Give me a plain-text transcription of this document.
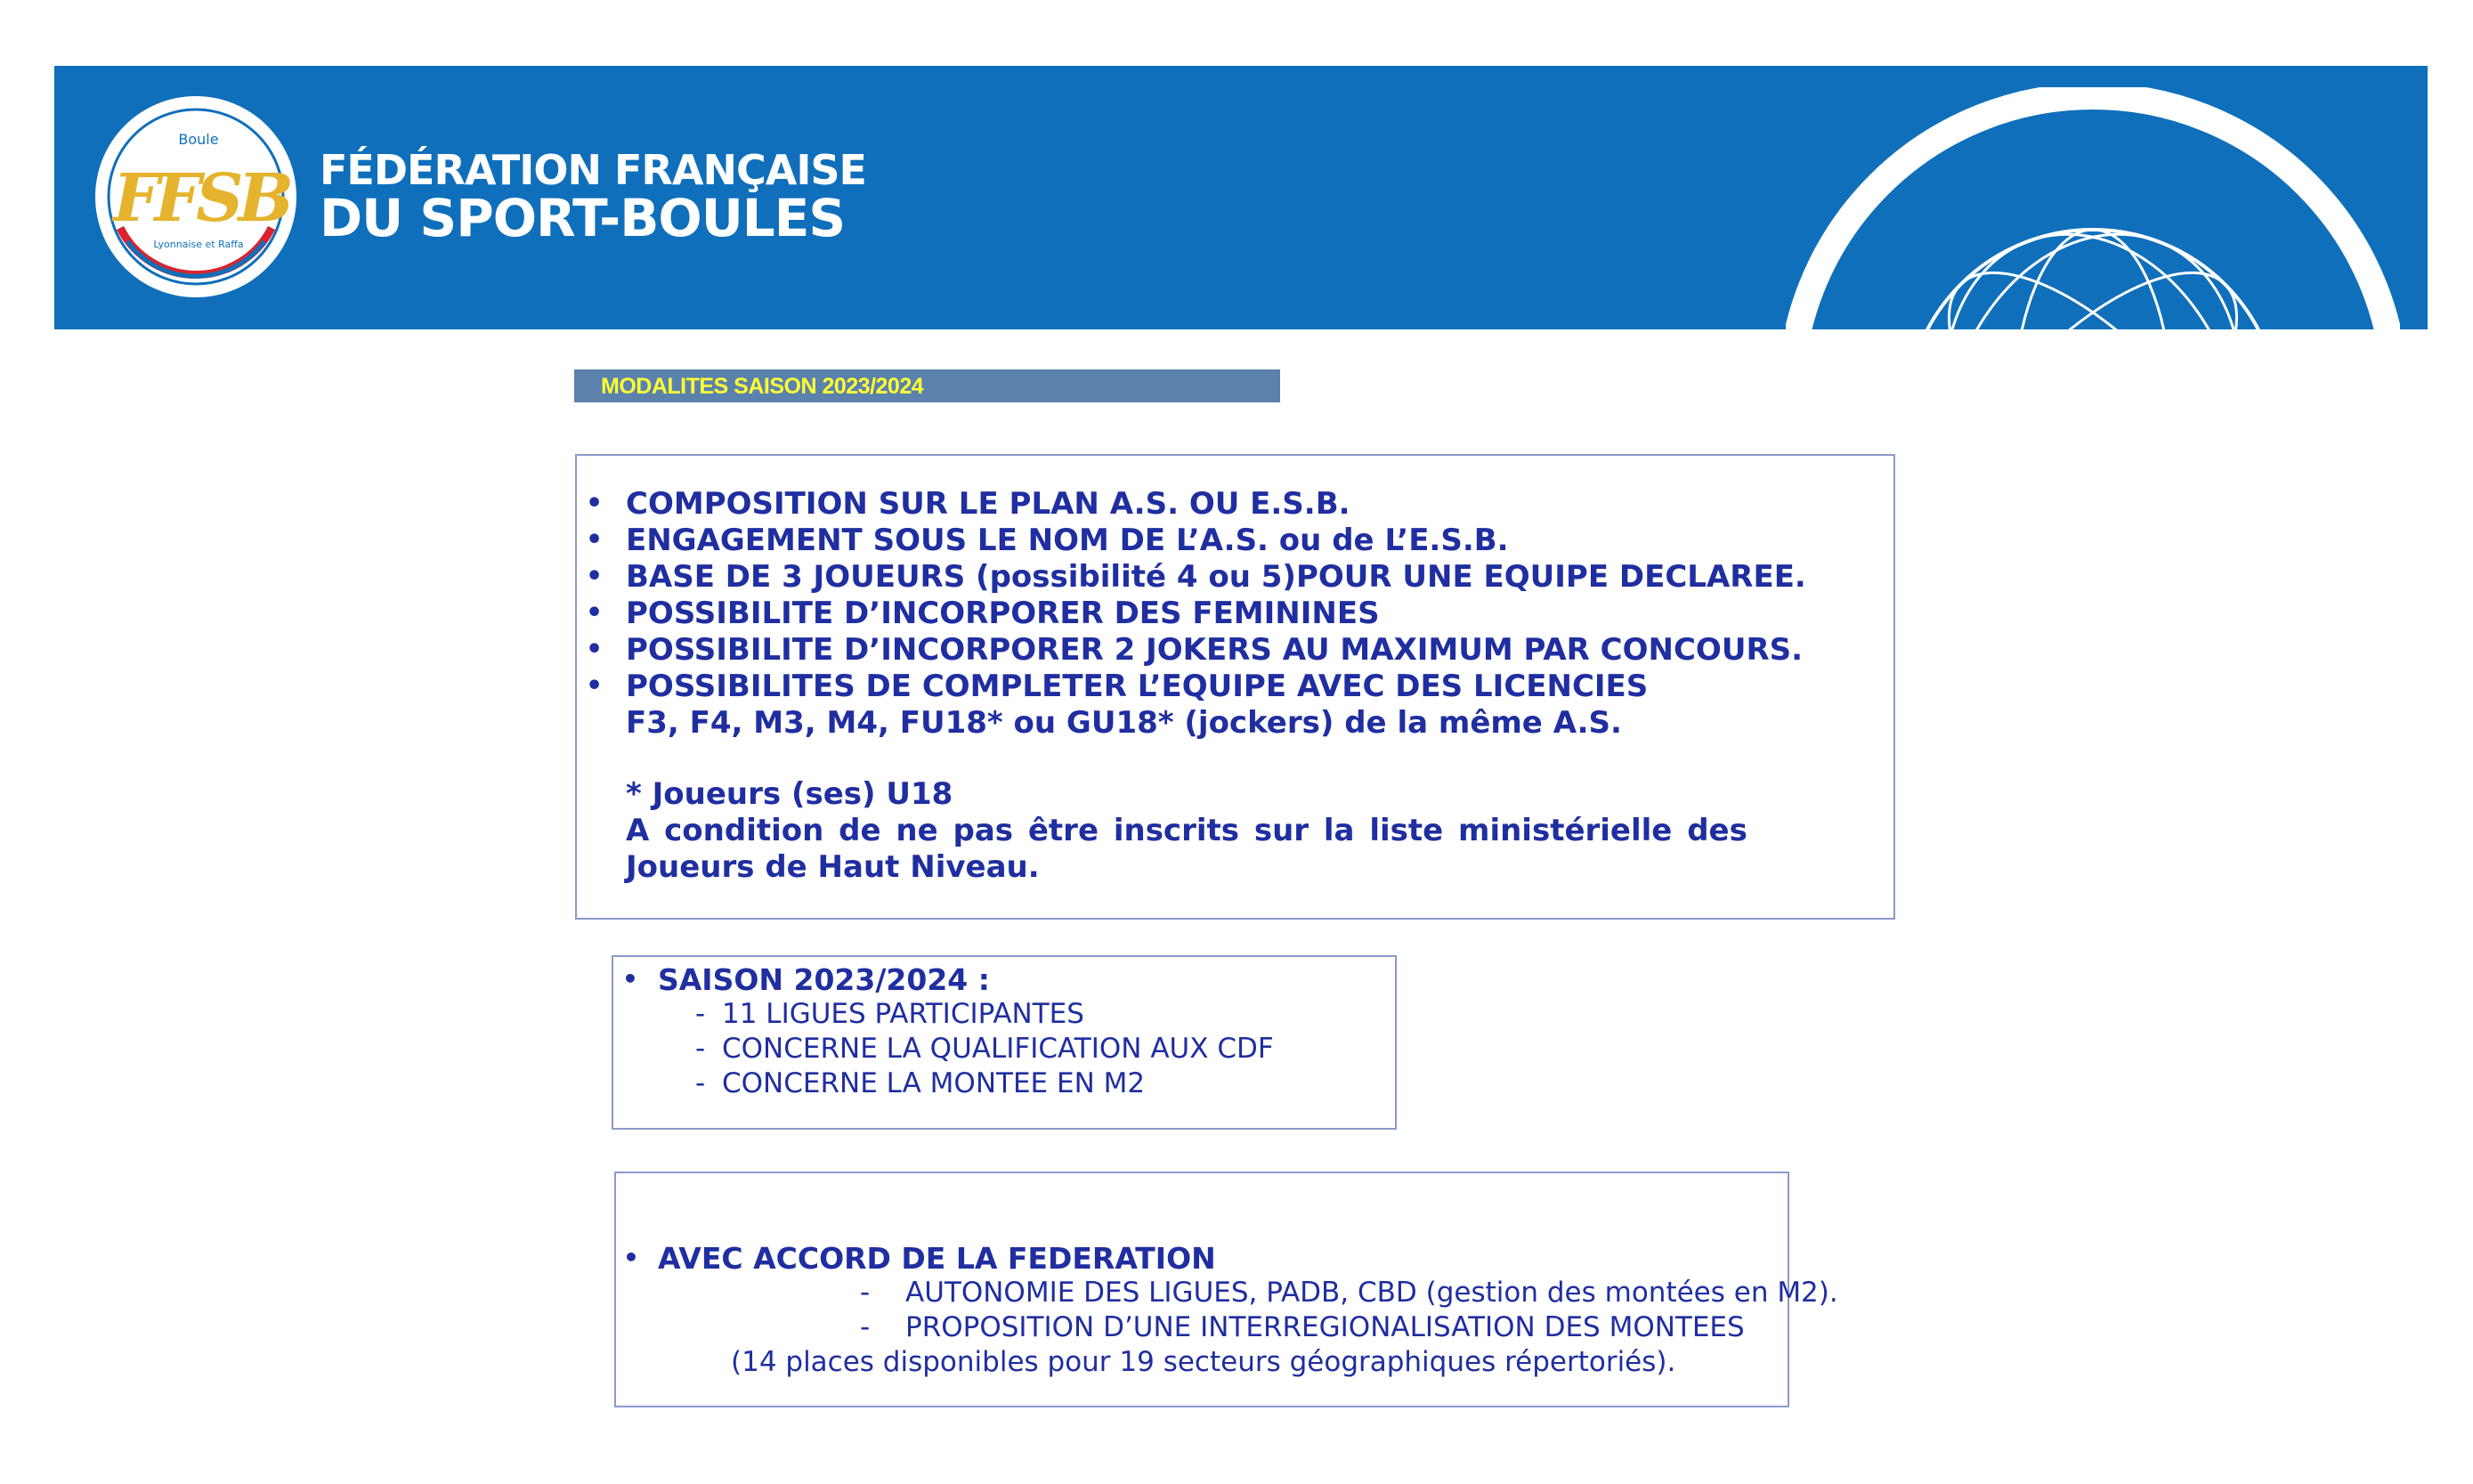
Boule
FFSB
Lyonnaise et Raffa
FÉDÉRATION FRANÇAISE
DU SPORT-BOULES
MODALITES SAISON 2023/2024
• COMPOSITION SUR LE PLAN A.S. OU E.S.B.
• ENGAGEMENT SOUS LE NOM DE L’A.S. ou de L’E.S.B.
• BASE DE 3 JOUEURS (possibilité 4 ou 5)POUR UNE EQUIPE DECLAREE.
• POSSIBILITE D’INCORPORER DES FEMININES
• POSSIBILITE D’INCORPORER 2 JOKERS AU MAXIMUM PAR CONCOURS.
• POSSIBILITES DE COMPLETER L’EQUIPE AVEC DES LICENCIES
F3, F4, M3, M4, FU18* ou GU18* (jockers) de la même A.S.
* Joueurs (ses) U18
A condition de ne pas être inscrits sur la liste ministérielle des
Joueurs de Haut Niveau.
• SAISON 2023/2024 :
- 11 LIGUES PARTICIPANTES
- CONCERNE LA QUALIFICATION AUX CDF
- CONCERNE LA MONTEE EN M2
• AVEC ACCORD DE LA FEDERATION
- AUTONOMIE DES LIGUES, PADB, CBD (gestion des montées en M2).
- PROPOSITION D’UNE INTERREGIONALISATION DES MONTEES
(14 places disponibles pour 19 secteurs géographiques répertoriés).
